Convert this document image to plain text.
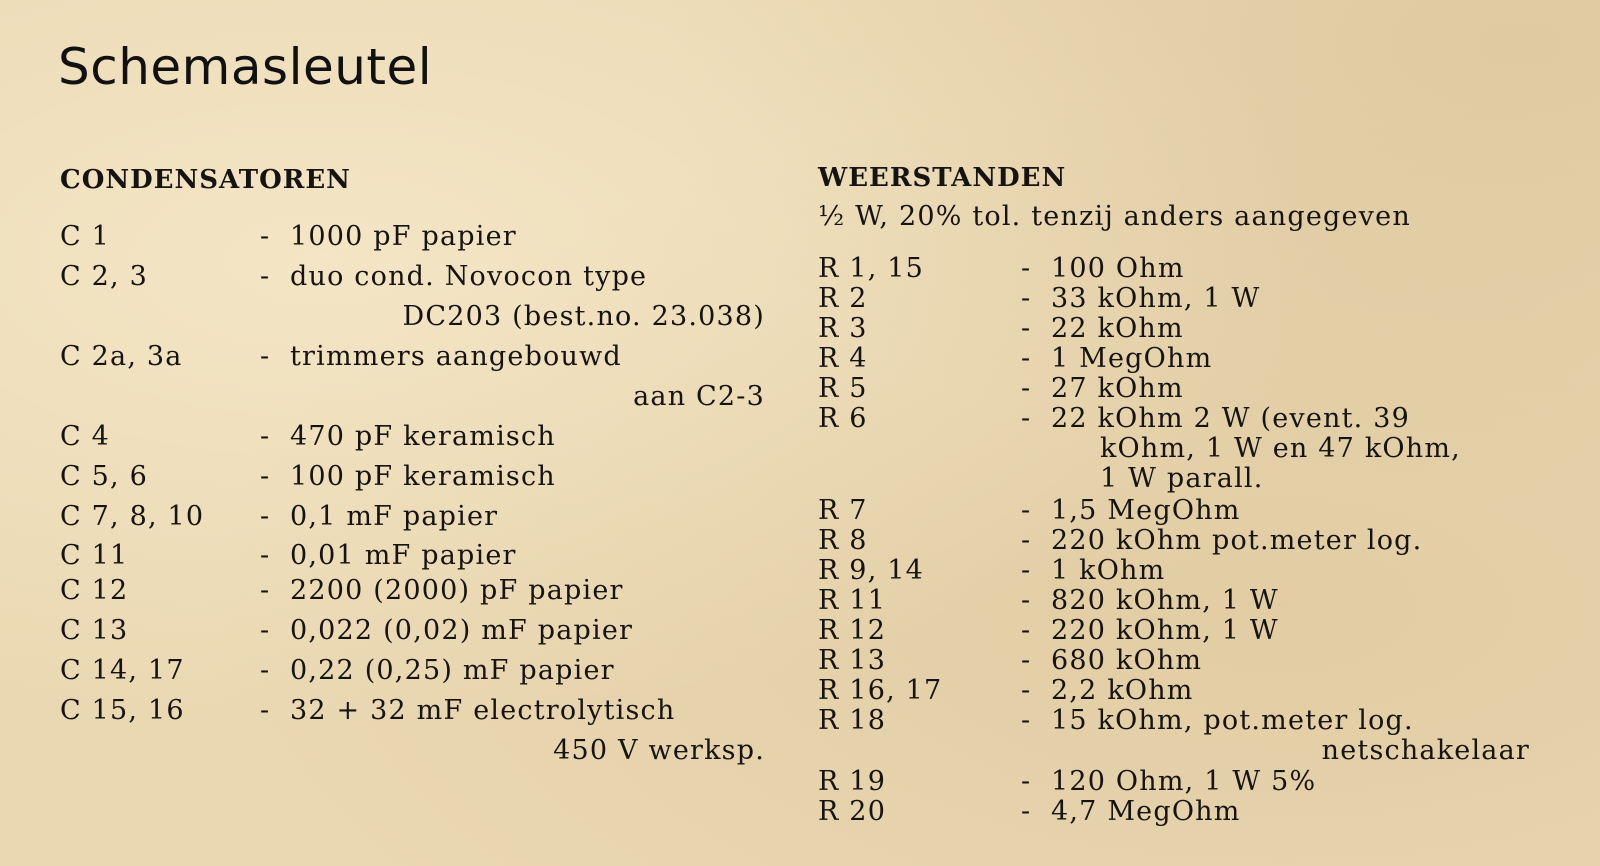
Schemasleutel
CONDENSATOREN
C 1	- 1000 pF papier
C 2, 3	- duo cond. Novocon type
DC203 (best.no. 23.038)
C 2a, 3a	- trimmers aangebouwd
aan C2-3
C 4	- 470 pF keramisch
C 5, 6	- 100 pF keramisch
C 7, 8, 10 - 0,1 mF papier
C 11	- 0,01 mF papier
C 12	- 2200 (2000) pF papier
C 13	- 0,022 (0,02) mF papier
C 14, 17	- 0,22 (0,25) mF papier
C 15, 16	- 32 + 32 mF electrolytisch
450 V werksp.
WEERSTANDEN
½ W, 20% tol. tenzij anders aangegeven
R 1, 15	- 100 Ohm
R 2	- 33 kOhm, 1 W
R 3	- 22 kOhm
R 4	- 1 MegOhm
R 5	- 27 kOhm
R 6	- 22 kOhm 2 W (event. 39
kOhm, 1 W en 47 kOhm,
1 W parall.
R 7	- 1,5 MegOhm
R 8	- 220 kOhm pot.meter log.
R 9, 14	- 1 kOhm
R 11	- 820 kOhm, 1 W
R 12	- 220 kOhm, 1 W
R 13	- 680 kOhm
R 16, 17	- 2,2 kOhm
R 18	- 15 kOhm, pot.meter log.
netschakelaar
R 19	- 120 Ohm, 1 W 5%
R 20	- 4,7 MegOhm
